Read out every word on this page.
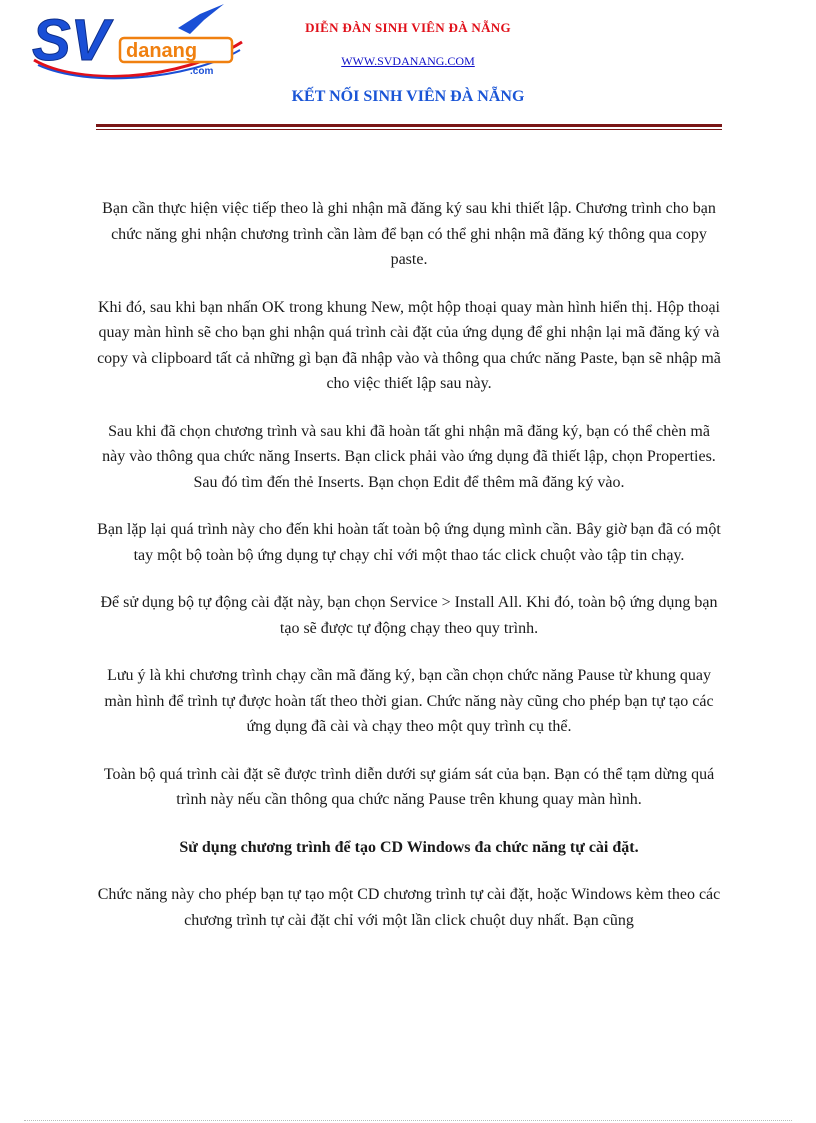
SV danang
.com
DIỄN ĐÀN SINH VIÊN ĐÀ NẴNG
WWW.SVDANANG.COM
KẾT NỐI SINH VIÊN ĐÀ NẴNG

Bạn cần thực hiện việc tiếp theo là ghi nhận mã đăng ký sau khi thiết lập. Chương trình cho bạn chức năng ghi nhận chương trình cần làm để bạn có thể ghi nhận mã đăng ký thông qua copy paste.

Khi đó, sau khi bạn nhấn OK trong khung New, một hộp thoại quay màn hình hiển thị. Hộp thoại quay màn hình sẽ cho bạn ghi nhận quá trình cài đặt của ứng dụng để ghi nhận lại mã đăng ký và copy và clipboard tất cả những gì bạn đã nhập vào và thông qua chức năng Paste, bạn sẽ nhập mã cho việc thiết lập sau này.

Sau khi đã chọn chương trình và sau khi đã hoàn tất ghi nhận mã đăng ký, bạn có thể chèn mã này vào thông qua chức năng Inserts. Bạn click phải vào ứng dụng đã thiết lập, chọn Properties. Sau đó tìm đến thẻ Inserts. Bạn chọn Edit để thêm mã đăng ký vào.

Bạn lặp lại quá trình này cho đến khi hoàn tất toàn bộ ứng dụng mình cần. Bây giờ bạn đã có một tay một bộ toàn bộ ứng dụng tự chạy chỉ với một thao tác click chuột vào tập tin chạy.

Để sử dụng bộ tự động cài đặt này, bạn chọn Service > Install All. Khi đó, toàn bộ ứng dụng bạn tạo sẽ được tự động chạy theo quy trình.

Lưu ý là khi chương trình chạy cần mã đăng ký, bạn cần chọn chức năng Pause từ khung quay màn hình để trình tự được hoàn tất theo thời gian. Chức năng này cũng cho phép bạn tự tạo các ứng dụng đã cài và chạy theo một quy trình cụ thể.

Toàn bộ quá trình cài đặt sẽ được trình diễn dưới sự giám sát của bạn. Bạn có thể tạm dừng quá trình này nếu cần thông qua chức năng Pause trên khung quay màn hình.

Sử dụng chương trình để tạo CD Windows đa chức năng tự cài đặt.

Chức năng này cho phép bạn tự tạo một CD chương trình tự cài đặt, hoặc Windows kèm theo các chương trình tự cài đặt chỉ với một lần click chuột duy nhất. Bạn cũng
